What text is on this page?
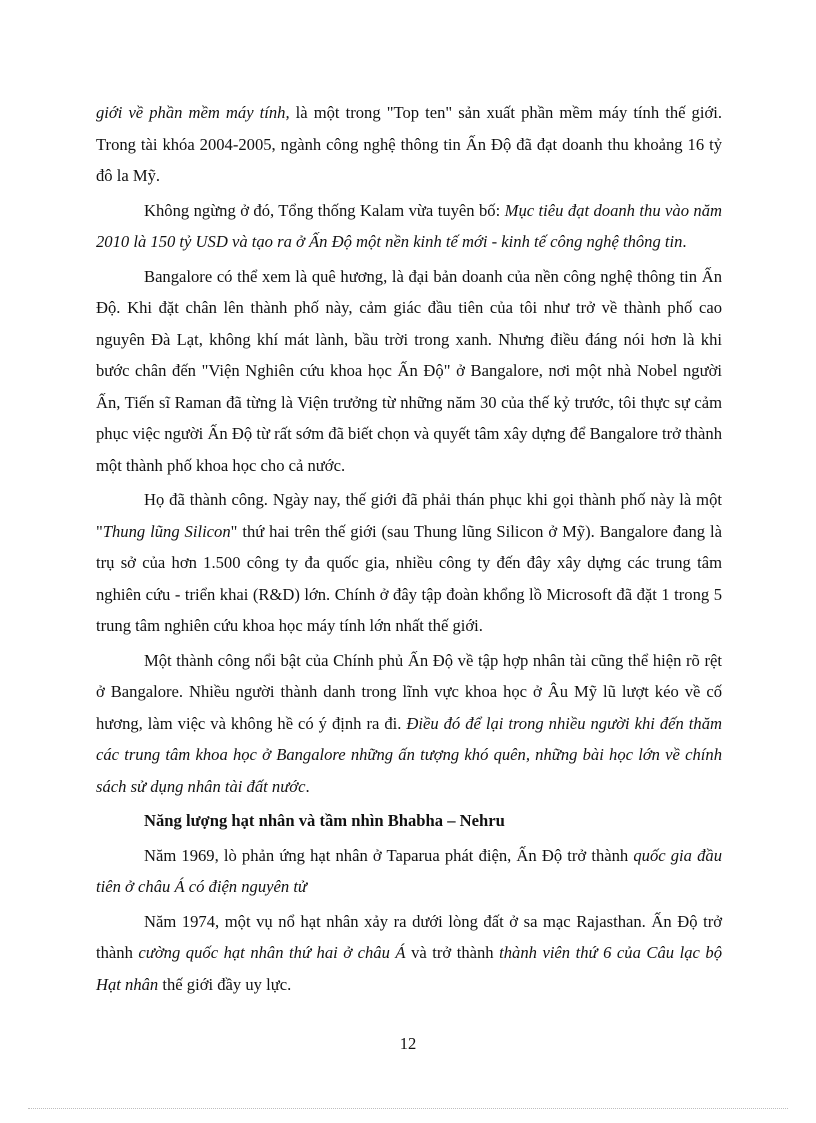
giới về phần mềm máy tính, là một trong "Top ten" sản xuất phần mềm máy tính thế giới. Trong tài khóa 2004-2005, ngành công nghệ thông tin Ấn Độ đã đạt doanh thu khoảng 16 tỷ đô la Mỹ.

Không ngừng ở đó, Tổng thống Kalam vừa tuyên bố: Mục tiêu đạt doanh thu vào năm 2010 là 150 tỷ USD và tạo ra ở Ấn Độ một nền kinh tế mới - kinh tế công nghệ thông tin.

Bangalore có thể xem là quê hương, là đại bản doanh của nền công nghệ thông tin Ấn Độ. Khi đặt chân lên thành phố này, cảm giác đầu tiên của tôi như trở về thành phố cao nguyên Đà Lạt, không khí mát lành, bầu trời trong xanh. Nhưng điều đáng nói hơn là khi bước chân đến "Viện Nghiên cứu khoa học Ấn Độ" ở Bangalore, nơi một nhà Nobel người Ấn, Tiến sĩ Raman đã từng là Viện trưởng từ những năm 30 của thế kỷ trước, tôi thực sự cảm phục việc người Ấn Độ từ rất sớm đã biết chọn và quyết tâm xây dựng để Bangalore trở thành một thành phố khoa học cho cả nước.

Họ đã thành công. Ngày nay, thế giới đã phải thán phục khi gọi thành phố này là một "Thung lũng Silicon" thứ hai trên thế giới (sau Thung lũng Silicon ở Mỹ). Bangalore đang là trụ sở của hơn 1.500 công ty đa quốc gia, nhiều công ty đến đây xây dựng các trung tâm nghiên cứu - triển khai (R&D) lớn. Chính ở đây tập đoàn khổng lồ Microsoft đã đặt 1 trong 5 trung tâm nghiên cứu khoa học máy tính lớn nhất thế giới.

Một thành công nổi bật của Chính phủ Ấn Độ về tập hợp nhân tài cũng thể hiện rõ rệt ở Bangalore. Nhiều người thành danh trong lĩnh vực khoa học ở Âu Mỹ lũ lượt kéo về cố hương, làm việc và không hề có ý định ra đi. Điều đó để lại trong nhiều người khi đến thăm các trung tâm khoa học ở Bangalore những ấn tượng khó quên, những bài học lớn về chính sách sử dụng nhân tài đất nước.

Năng lượng hạt nhân và tầm nhìn Bhabha – Nehru

Năm 1969, lò phản ứng hạt nhân ở Taparua phát điện, Ấn Độ trở thành quốc gia đầu tiên ở châu Á có điện nguyên tử

Năm 1974, một vụ nổ hạt nhân xảy ra dưới lòng đất ở sa mạc Rajasthan. Ấn Độ trở thành cường quốc hạt nhân thứ hai ở châu Á và trở thành thành viên thứ 6 của Câu lạc bộ Hạt nhân thế giới đầy uy lực.

12
